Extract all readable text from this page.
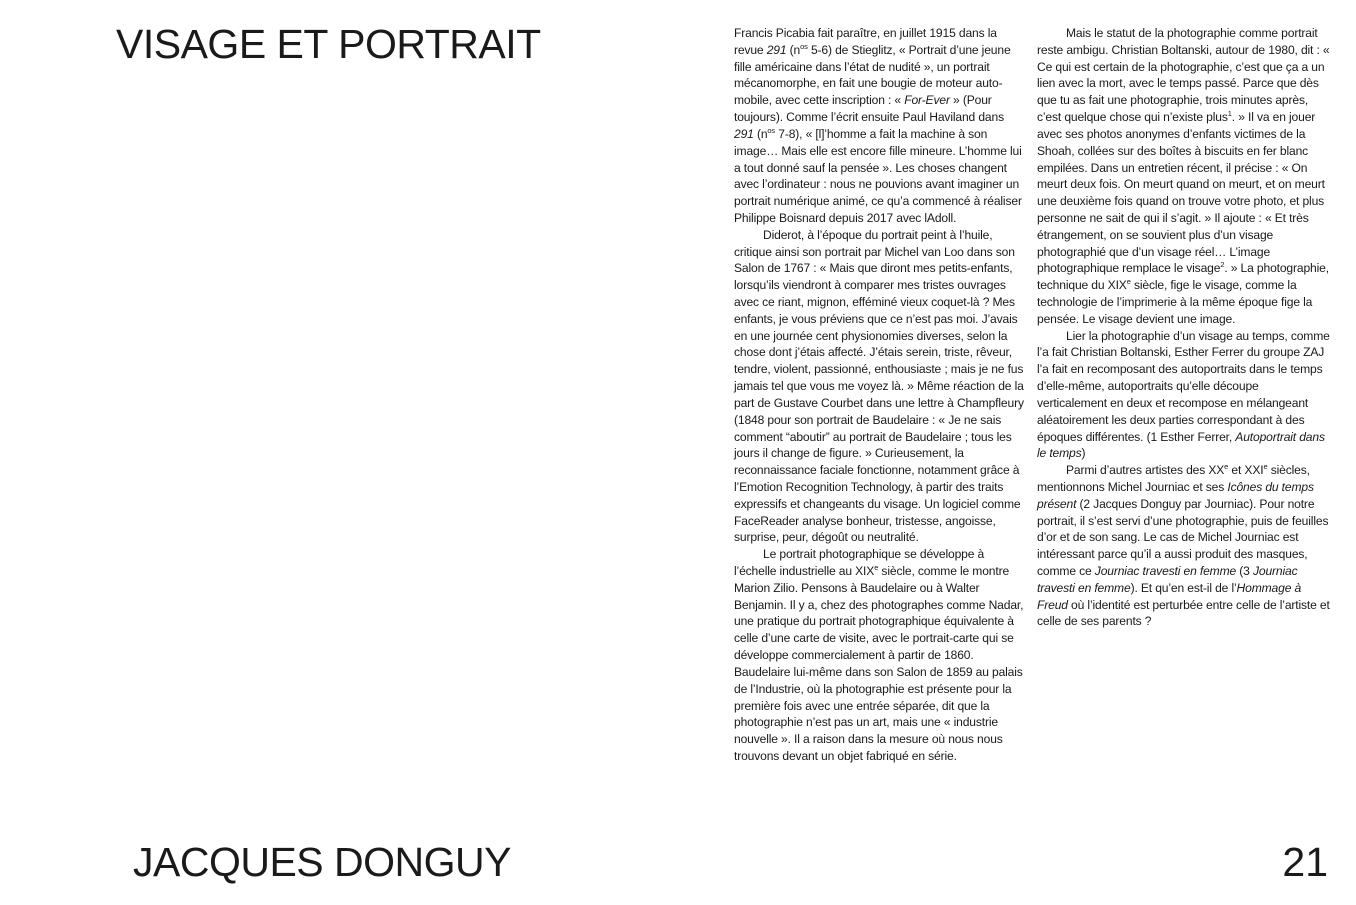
VISAGE ET PORTRAIT	Francis Picabia fait paraître, en juillet 1915 dans la revue 291 ($n^{os}$ 5-6) de Stieglitz, « Portrait d’une jeune fille américaine dans l’état de nudité », un portrait mécanomorphe, en fait une bougie de moteur automobile, avec cette inscription : « For-Ever » (Pour toujours). Comme l’écrit ensuite Paul Haviland dans 291 ($n^{os}$ 7-8), « [l]’homme a fait la machine à son image… Mais elle est encore fille mineure. L’homme lui a tout donné sauf la pensée ». Les choses changent avec l’ordinateur : nous ne pouvions avant imaginer un portrait numérique animé, ce qu’a commencé à réaliser Philippe Boisnard depuis 2017 avec lAdoll.

Diderot, à l’époque du portrait peint à l’huile, critique ainsi son portrait par Michel van Loo dans son Salon de 1767 : « Mais que diront mes petits-enfants, lorsqu’ils viendront à comparer mes tristes ouvrages avec ce riant, mignon, efféminé vieux coquet-là ? Mes enfants, je vous préviens que ce n’est pas moi. J’avais en une journée cent physionomies diverses, selon la chose dont j’étais affecté. J’étais serein, triste, rêveur, tendre, violent, passionné, enthousiaste ; mais je ne fus jamais tel que vous me voyez là. » Même réaction de la part de Gustave Courbet dans une lettre à Champfleury (1848 pour son portrait de Baudelaire : « Je ne sais comment “aboutir” au portrait de Baudelaire ; tous les jours il change de figure. » Curieusement, la reconnaissance faciale fonctionne, notamment grâce à l’Emotion Recognition Technology, à partir des traits expressifs et changeants du visage. Un logiciel comme FaceReader analyse bonheur, tristesse, angoisse, surprise, peur, dégoût ou neutralité.

Le portrait photographique se développe à l’échelle industrielle au XIXe siècle, comme le montre Marion Zilio. Pensons à Baudelaire ou à Walter Benjamin. Il y a, chez des photographes comme Nadar, une pratique du portrait photographique équivalente à celle d’une carte de visite, avec le portrait-carte qui se développe commercialement à partir de 1860. Baudelaire lui-même dans son Salon de 1859 au palais de l’Industrie, où la photographie est présente pour la première fois avec une entrée séparée, dit que la photographie n’est pas un art, mais une « industrie nouvelle ». Il a raison dans la mesure où nous nous trouvons devant un objet fabriqué en série.

Mais le statut de la photographie comme portrait reste ambigu. Christian Boltanski, autour de 1980, dit : « Ce qui est certain de la photographie, c’est que ça a un lien avec la mort, avec le temps passé. Parce que dès que tu as fait une photographie, trois minutes après, c’est quelque chose qui n’existe plus$^1$. » Il va en jouer avec ses photos anonymes d’enfants victimes de la Shoah, collées sur des boîtes à biscuits en fer blanc empilées. Dans un entretien récent, il précise : « On meurt deux fois. On meurt quand on meurt, et on meurt une deuxième fois quand on trouve votre photo, et plus personne ne sait de qui il s’agit. » Il ajoute : « Et très étrangement, on se souvient plus d’un visage photographié que d’un visage réel… L’image photographique remplace le visage$^2$. » La photographie, technique du XIXe siècle, fige le visage, comme la technologie de l’imprimerie à la même époque fige la pensée. Le visage devient une image.

Lier la photographie d’un visage au temps, comme l’a fait Christian Boltanski, Esther Ferrer du groupe ZAJ l’a fait en recomposant des autoportraits dans le temps d’elle-même, autoportraits qu’elle découpe verticalement en deux et recompose en mélangeant aléatoirement les deux parties correspondant à des époques différentes. (1 Esther Ferrer, Autoportrait dans le temps)

Parmi d’autres artistes des XXe et XXIe siècles, mentionnons Michel Journiac et ses Icônes du temps présent (2 Jacques Donguy par Journiac). Pour notre portrait, il s’est servi d’une photographie, puis de feuilles d’or et de son sang. Le cas de Michel Journiac est intéressant parce qu’il a aussi produit des masques, comme ce Journiac travesti en femme (3 Journiac travesti en femme). Et qu’en est-il de l’Hommage à Freud où l’identité est perturbée entre celle de l’artiste et celle de ses parents ?

JACQUES DONGUY	21
